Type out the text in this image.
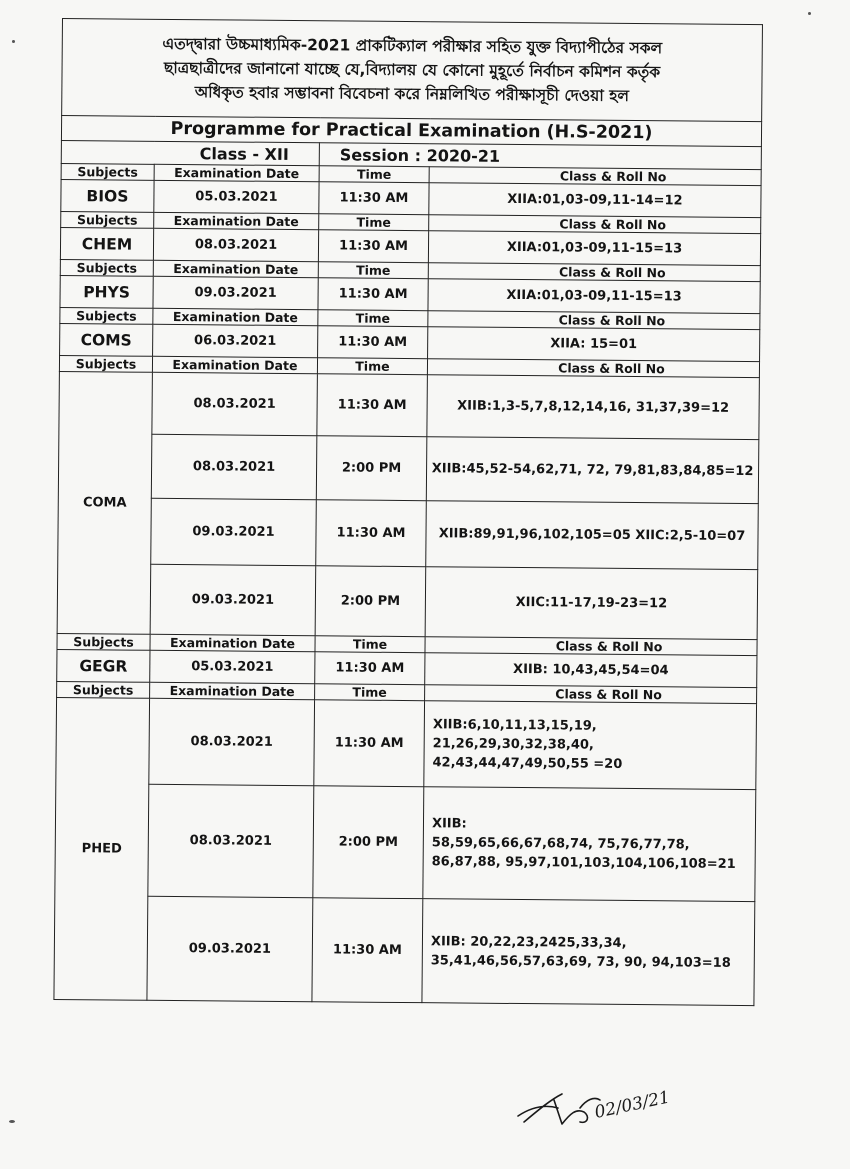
এতদ্দ্বারা উচ্চমাধ্যমিক-2021 প্রাকটিক্যাল পরীক্ষার সহিত যুক্ত বিদ্যাপীঠের সকল
ছাত্রছাত্রীদের জানানো যাচ্ছে যে,বিদ্যালয় যে কোনো মুহূর্তে নির্বাচন কমিশন কর্তৃক
অধিকৃত হবার সম্ভাবনা বিবেচনা করে নিম্নলিখিত পরীক্ষাসূচী দেওয়া হল			

Programme for Practical Examination (H.S-2021)			
Class - XII		Session : 2020-21	
Subjects	Examination Date	Time	Class & Roll No
BIOS	05.03.2021	11:30 AM	XIIA:01,03-09,11-14=12
Subjects	Examination Date	Time	Class & Roll No
CHEM	08.03.2021	11:30 AM	XIIA:01,03-09,11-15=13
Subjects	Examination Date	Time	Class & Roll No
PHYS	09.03.2021	11:30 AM	XIIA:01,03-09,11-15=13
Subjects	Examination Date	Time	Class & Roll No
COMS	06.03.2021	11:30 AM	XIIA: 15=01
Subjects	Examination Date	Time	Class & Roll No
COMA	08.03.2021	11:30 AM	XIIB:1,3-5,7,8,12,14,16, 31,37,39=12
	08.03.2021	2:00 PM	XIIB:45,52-54,62,71, 72, 79,81,83,84,85=12
	09.03.2021	11:30 AM	XIIB:89,91,96,102,105=05 XIIC:2,5-10=07
	09.03.2021	2:00 PM	XIIC:11-17,19-23=12
Subjects	Examination Date	Time	Class & Roll No
GEGR	05.03.2021	11:30 AM	XIIB: 10,43,45,54=04
Subjects	Examination Date	Time	Class & Roll No
PHED	08.03.2021	11:30 AM	XIIB:6,10,11,13,15,19, 21,26,29,30,32,38,40,
42,43,44,47,49,50,55 =20

	08.03.2021	2:00 PM	XIIB:
58,59,65,66,67,68,74, 75,76,77,78,
86,87,88, 95,97,101,103,104,106,108=21

	09.03.2021	11:30 AM	XIIB: 20,22,23,2425,33,34,
35,41,46,56,57,63,69, 73, 90, 94,103=18
02/03/21
